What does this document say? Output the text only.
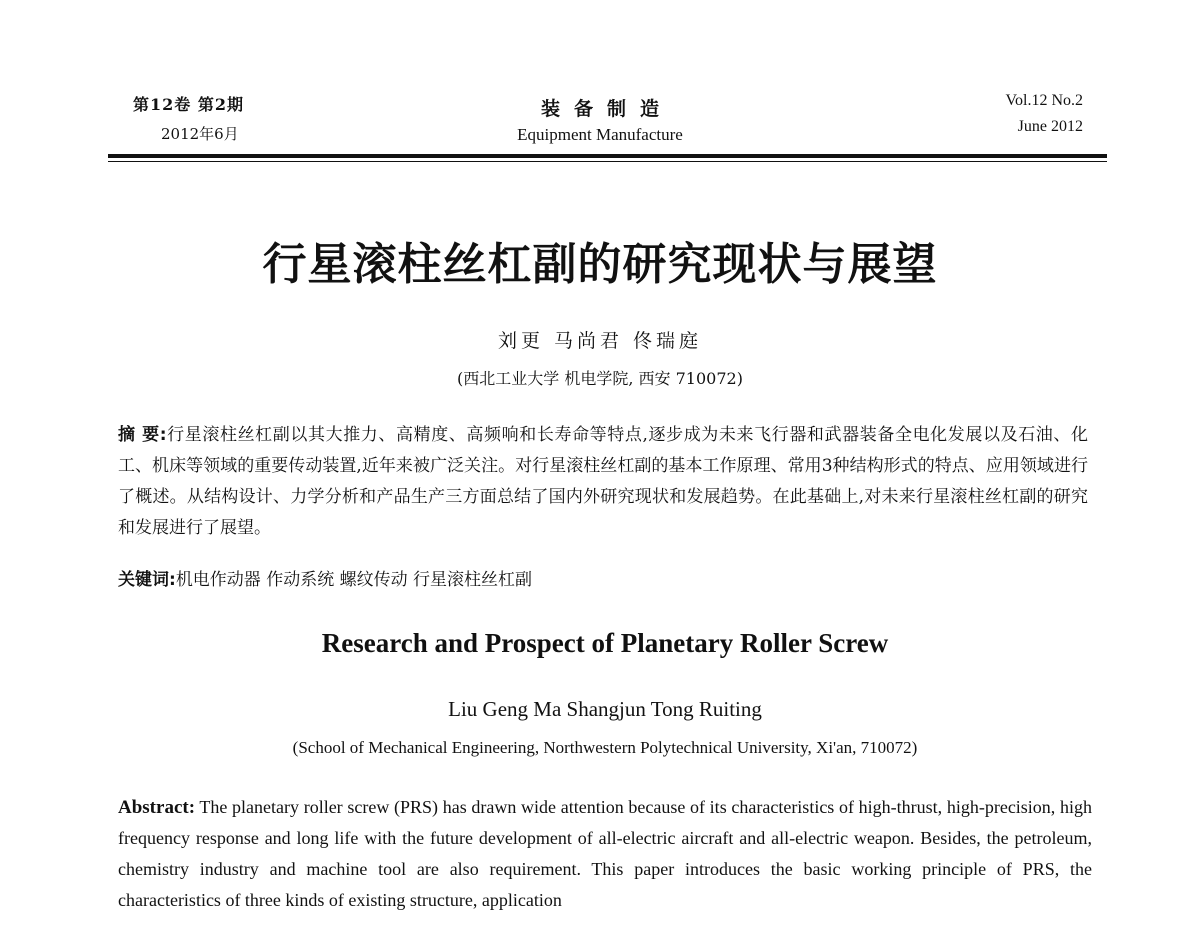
第12卷 第2期
2012年6月
装备制造
Equipment Manufacture
Vol.12 No.2
June 2012
行星滚柱丝杠副的研究现状与展望
刘更 马尚君 佟瑞庭
(西北工业大学 机电学院, 西安 710072)
摘 要:行星滚柱丝杠副以其大推力、高精度、高频响和长寿命等特点,逐步成为未来飞行器和武器装备全电化发展以及石油、化工、机床等领域的重要传动装置,近年来被广泛关注。对行星滚柱丝杠副的基本工作原理、常用3种结构形式的特点、应用领域进行了概述。从结构设计、力学分析和产品生产三方面总结了国内外研究现状和发展趋势。在此基础上,对未来行星滚柱丝杠副的研究和发展进行了展望。
关键词:机电作动器 作动系统 螺纹传动 行星滚柱丝杠副
Research and Prospect of Planetary Roller Screw
Liu Geng Ma Shangjun Tong Ruiting
(School of Mechanical Engineering, Northwestern Polytechnical University, Xi'an, 710072)
Abstract: The planetary roller screw (PRS) has drawn wide attention because of its characteristics of high-thrust, high-precision, high frequency response and long life with the future development of all-electric aircraft and all-electric weapon. Besides, the petroleum, chemistry industry and machine tool are also requirement. This paper introduces the basic working principle of PRS, the characteristics of three kinds of existing structure, application
